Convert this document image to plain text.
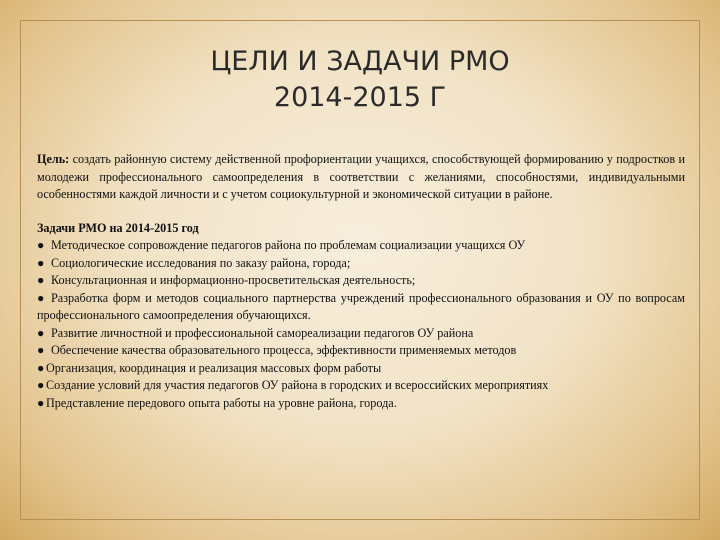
ЦЕЛИ И ЗАДАЧИ РМО
2014-2015 Г

Цель: создать районную систему действенной профориентации учащихся, способствующей формированию у подростков и молодежи профессионального самоопределения в соответствии с желаниями, способностями, индивидуальными особенностями каждой личности и с учетом социокультурной и экономической ситуации в районе.

Задачи РМО на 2014-2015 год

● Методическое сопровождение педагогов района по проблемам социализации учащихся ОУ

● Социологические исследования по заказу района, города;

● Консультационная и информационно-просветительская деятельность;

● Разработка форм и методов социального партнерства учреждений профессионального образования и ОУ по вопросам профессионального самоопределения обучающихся.

● Развитие личностной и профессиональной самореализации педагогов ОУ района

● Обеспечение качества образовательного процесса, эффективности применяемых методов

● Организация, координация и реализация массовых форм работы

● Создание условий для участия педагогов ОУ района в городских и всероссийских мероприятиях

● Представление передового опыта работы на уровне района, города.
